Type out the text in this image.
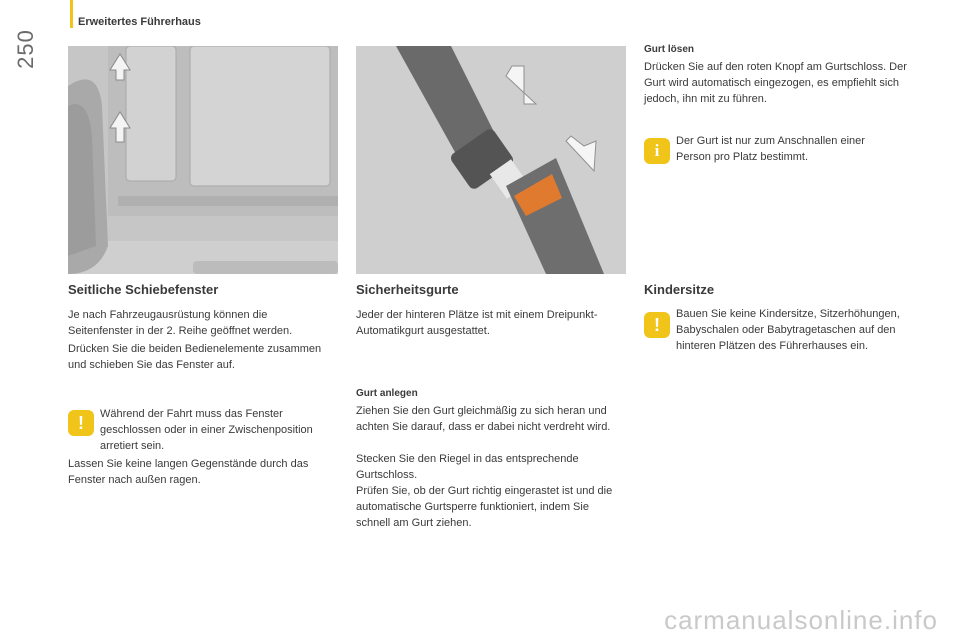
Erweitertes Führerhaus
250
Seitliche Schiebefenster

Je nach Fahrzeugausrüstung können die Seitenfenster in der 2. Reihe geöffnet werden.

Drücken Sie die beiden Bedienelemente zusammen und schieben Sie das Fenster auf.

! Während der Fahrt muss das Fenster geschlossen oder in einer Zwischenposition arretiert sein.

Lassen Sie keine langen Gegenstände durch das Fenster nach außen ragen.

Sicherheitsgurte

Jeder der hinteren Plätze ist mit einem Dreipunkt-Automatikgurt ausgestattet.

Gurt anlegen

Ziehen Sie den Gurt gleichmäßig zu sich heran und achten Sie darauf, dass er dabei nicht verdreht wird.

Stecken Sie den Riegel in das entsprechende Gurtschloss.

Prüfen Sie, ob der Gurt richtig eingerastet ist und die automatische Gurtsperre funktioniert, indem Sie schnell am Gurt ziehen.

Gurt lösen

Drücken Sie auf den roten Knopf am Gurtschloss. Der Gurt wird automatisch eingezogen, es empfiehlt sich jedoch, ihn mit zu führen.

i Der Gurt ist nur zum Anschnallen einer Person pro Platz bestimmt.

Kindersitze
!

Bauen Sie keine Kindersitze, Sitzerhöhungen, Babyschalen oder Babytragetaschen auf den hinteren Plätzen des Führerhauses ein.

carmanualsonline.info
